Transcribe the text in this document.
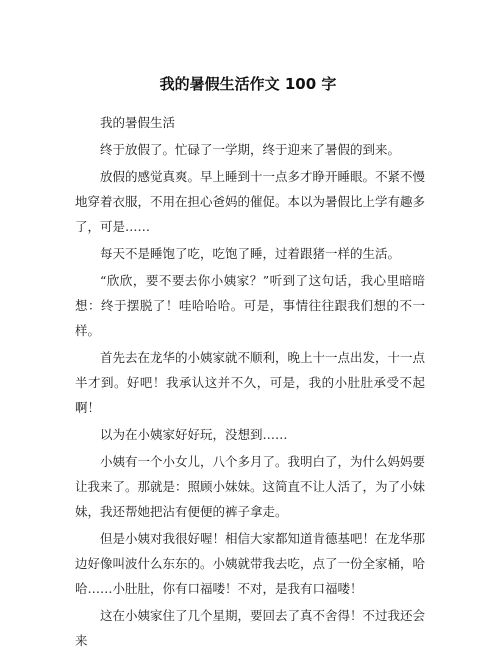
我的暑假生活作文 100 字

我的暑假生活

终于放假了。忙碌了一学期，终于迎来了暑假的到来。

放假的感觉真爽。早上睡到十一点多才睁开睡眼。不紧不慢地穿着衣服，不用在担心爸妈的催促。本以为暑假比上学有趣多了，可是……

每天不是睡饱了吃，吃饱了睡，过着跟猪一样的生活。

“欣欣，要不要去你小姨家？”听到了这句话，我心里暗暗想：终于摆脱了！哇哈哈哈。可是，事情往往跟我们想的不一样。

首先去在龙华的小姨家就不顺利，晚上十一点出发，十一点半才到。好吧！我承认这并不久，可是，我的小肚肚承受不起啊！

以为在小姨家好好玩，没想到……

小姨有一个小女儿，八个多月了。我明白了，为什么妈妈要让我来了。那就是：照顾小妹妹。这简直不让人活了，为了小妹妹，我还帮她把沾有便便的裤子拿走。

但是小姨对我很好喔！相信大家都知道肯德基吧！在龙华那边好像叫波什么东东的。小姨就带我去吃，点了一份全家桶，哈哈……小肚肚，你有口福喽！不对，是我有口福喽！

这在小姨家住了几个星期，要回去了真不舍得！不过我还会来
